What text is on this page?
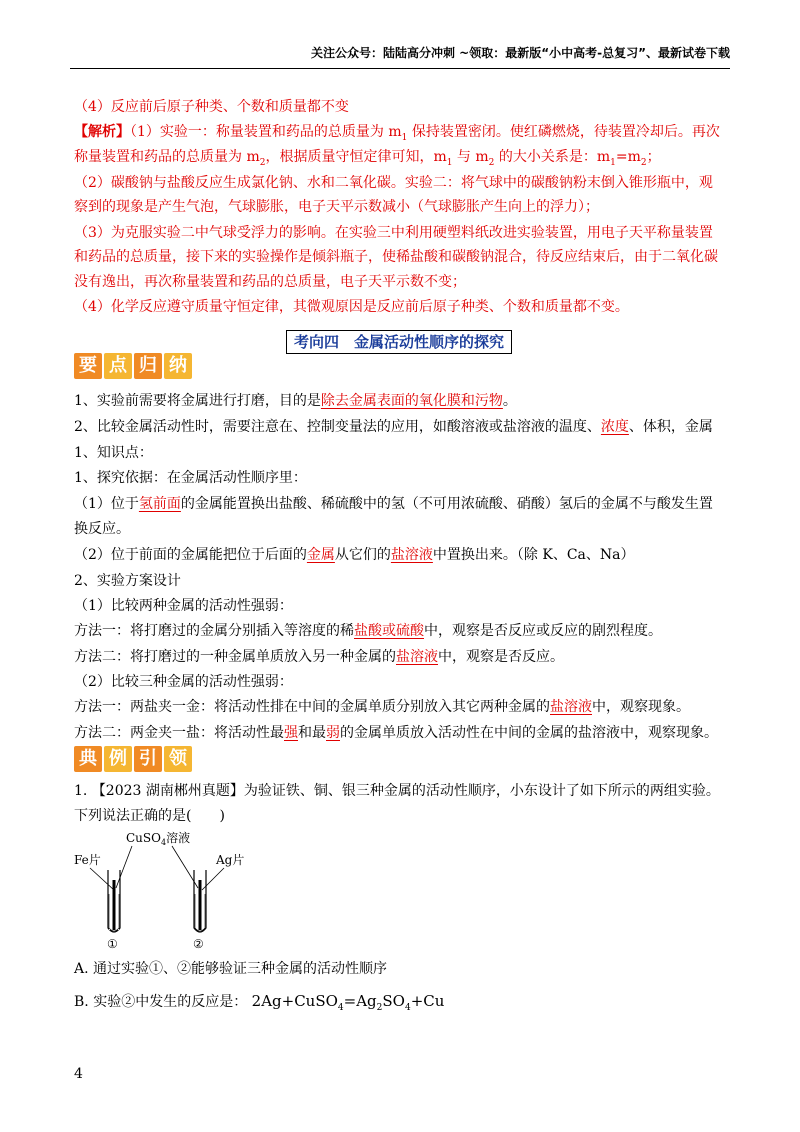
关注公众号：陆陆高分冲刺 ~领取：最新版“小中高考-总复习”、最新试卷下载
（4）反应前后原子种类、个数和质量都不变
【解析】（1）实验一：称量装置和药品的总质量为 $m_1$ 保持装置密闭。使红磷燃烧，待装置冷却后。再次
称量装置和药品的总质量为 $m_2$，根据质量守恒定律可知，$m_1$ 与 $m_2$ 的大小关系是：$m_1=m_2$；
（2）碳酸钠与盐酸反应生成氯化钠、水和二氧化碳。实验二：将气球中的碳酸钠粉末倒入锥形瓶中，观
察到的现象是产生气泡，气球膨胀，电子天平示数减小（气球膨胀产生向上的浮力）；
（3）为克服实验二中气球受浮力的影响。在实验三中利用硬塑料纸改进实验装置，用电子天平称量装置
和药品的总质量，接下来的实验操作是倾斜瓶子，使稀盐酸和碳酸钠混合，待反应结束后，由于二氧化碳
没有逸出，再次称量装置和药品的总质量，电子天平示数不变；
（4）化学反应遵守质量守恒定律，其微观原因是反应前后原子种类、个数和质量都不变。
考向四　金属活动性顺序的探究
要 点 归 纳
1、实验前需要将金属进行打磨，目的是除去金属表面的氧化膜和污物。
2、比较金属活动性时，需要注意在、控制变量法的应用，如酸溶液或盐溶液的温度、浓度、体积，金属
1、知识点：
1、探究依据：在金属活动性顺序里：
（1）位于氢前面的金属能置换出盐酸、稀硫酸中的氢（不可用浓硫酸、硝酸）氢后的金属不与酸发生置
换反应。
（2）位于前面的金属能把位于后面的金属从它们的盐溶液中置换出来。（除 K、Ca、Na）
2、实验方案设计
（1）比较两种金属的活动性强弱：
方法一：将打磨过的金属分别插入等溶度的稀盐酸或硫酸中，观察是否反应或反应的剧烈程度。
方法二：将打磨过的一种金属单质放入另一种金属的盐溶液中，观察是否反应。
（2）比较三种金属的活动性强弱：
方法一：两盐夹一金：将活动性排在中间的金属单质分别放入其它两种金属的盐溶液中，观察现象。
方法二：两金夹一盐：将活动性最强和最弱的金属单质放入活动性在中间的金属的盐溶液中，观察现象。
典 例 引 领
1. 【2023 湖南郴州真题】为验证铁、铜、银三种金属的活动性顺序，小东设计了如下所示的两组实验。
下列说法正确的是(　　)
Fe片
CuSO$_4$溶液
Ag片
①	②
A. 通过实验①、②能够验证三种金属的活动性顺序
B. 实验②中发生的反应是： $2Ag+CuSO_4=Ag_2SO_4+Cu$
4
